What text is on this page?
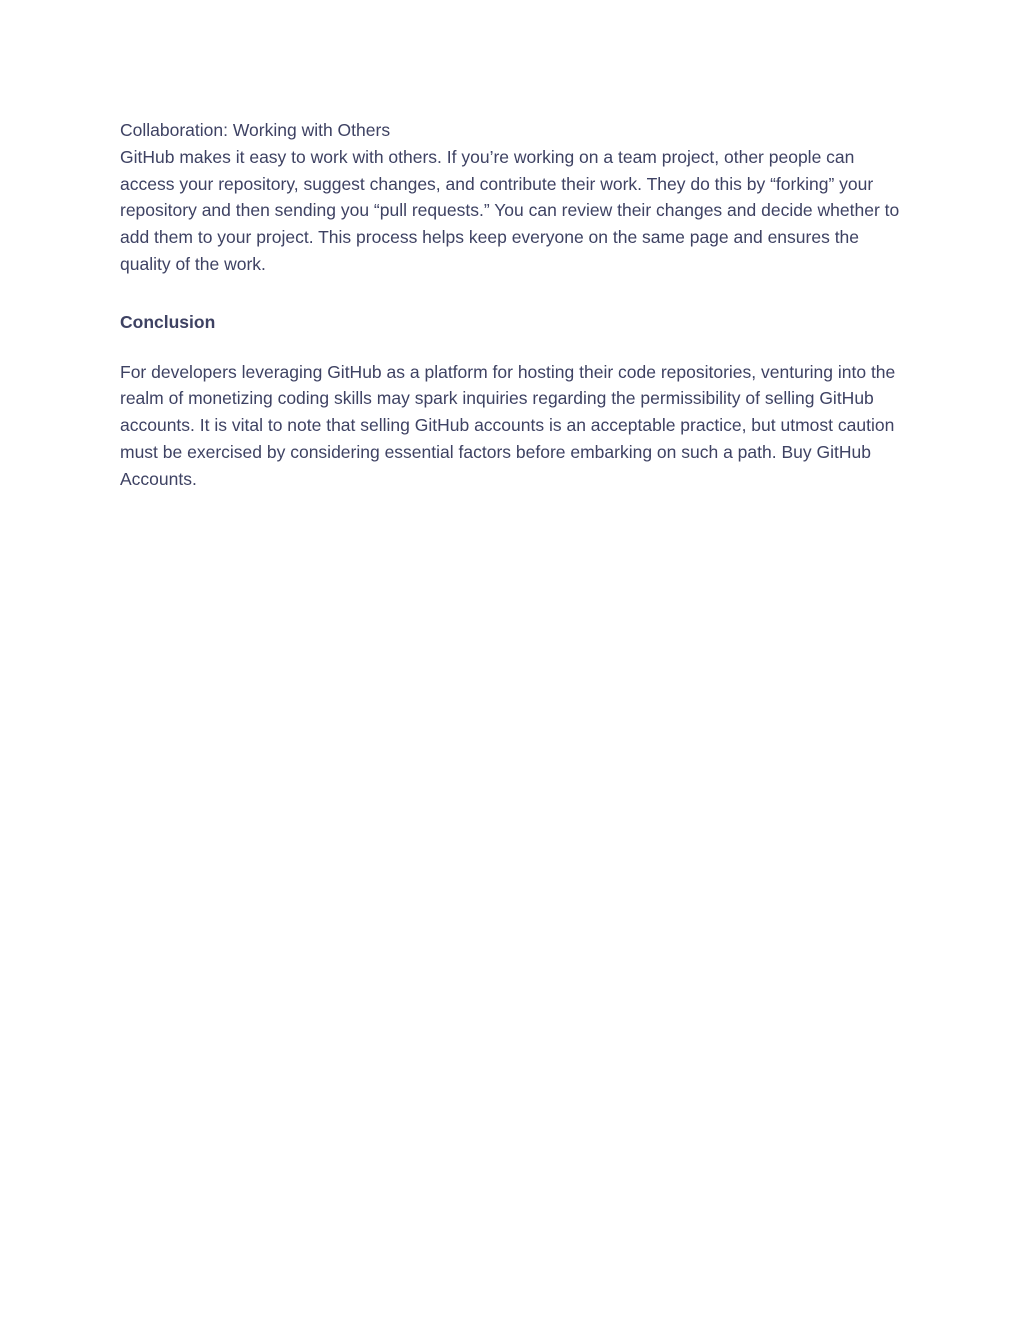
Collaboration: Working with Others

GitHub makes it easy to work with others. If you’re working on a team project, other people can access your repository, suggest changes, and contribute their work. They do this by “forking” your repository and then sending you “pull requests.” You can review their changes and decide whether to add them to your project. This process helps keep everyone on the same page and ensures the quality of the work.

Conclusion

For developers leveraging GitHub as a platform for hosting their code repositories, venturing into the realm of monetizing coding skills may spark inquiries regarding the permissibility of selling GitHub accounts. It is vital to note that selling GitHub accounts is an acceptable practice, but utmost caution must be exercised by considering essential factors before embarking on such a path. Buy GitHub Accounts.
